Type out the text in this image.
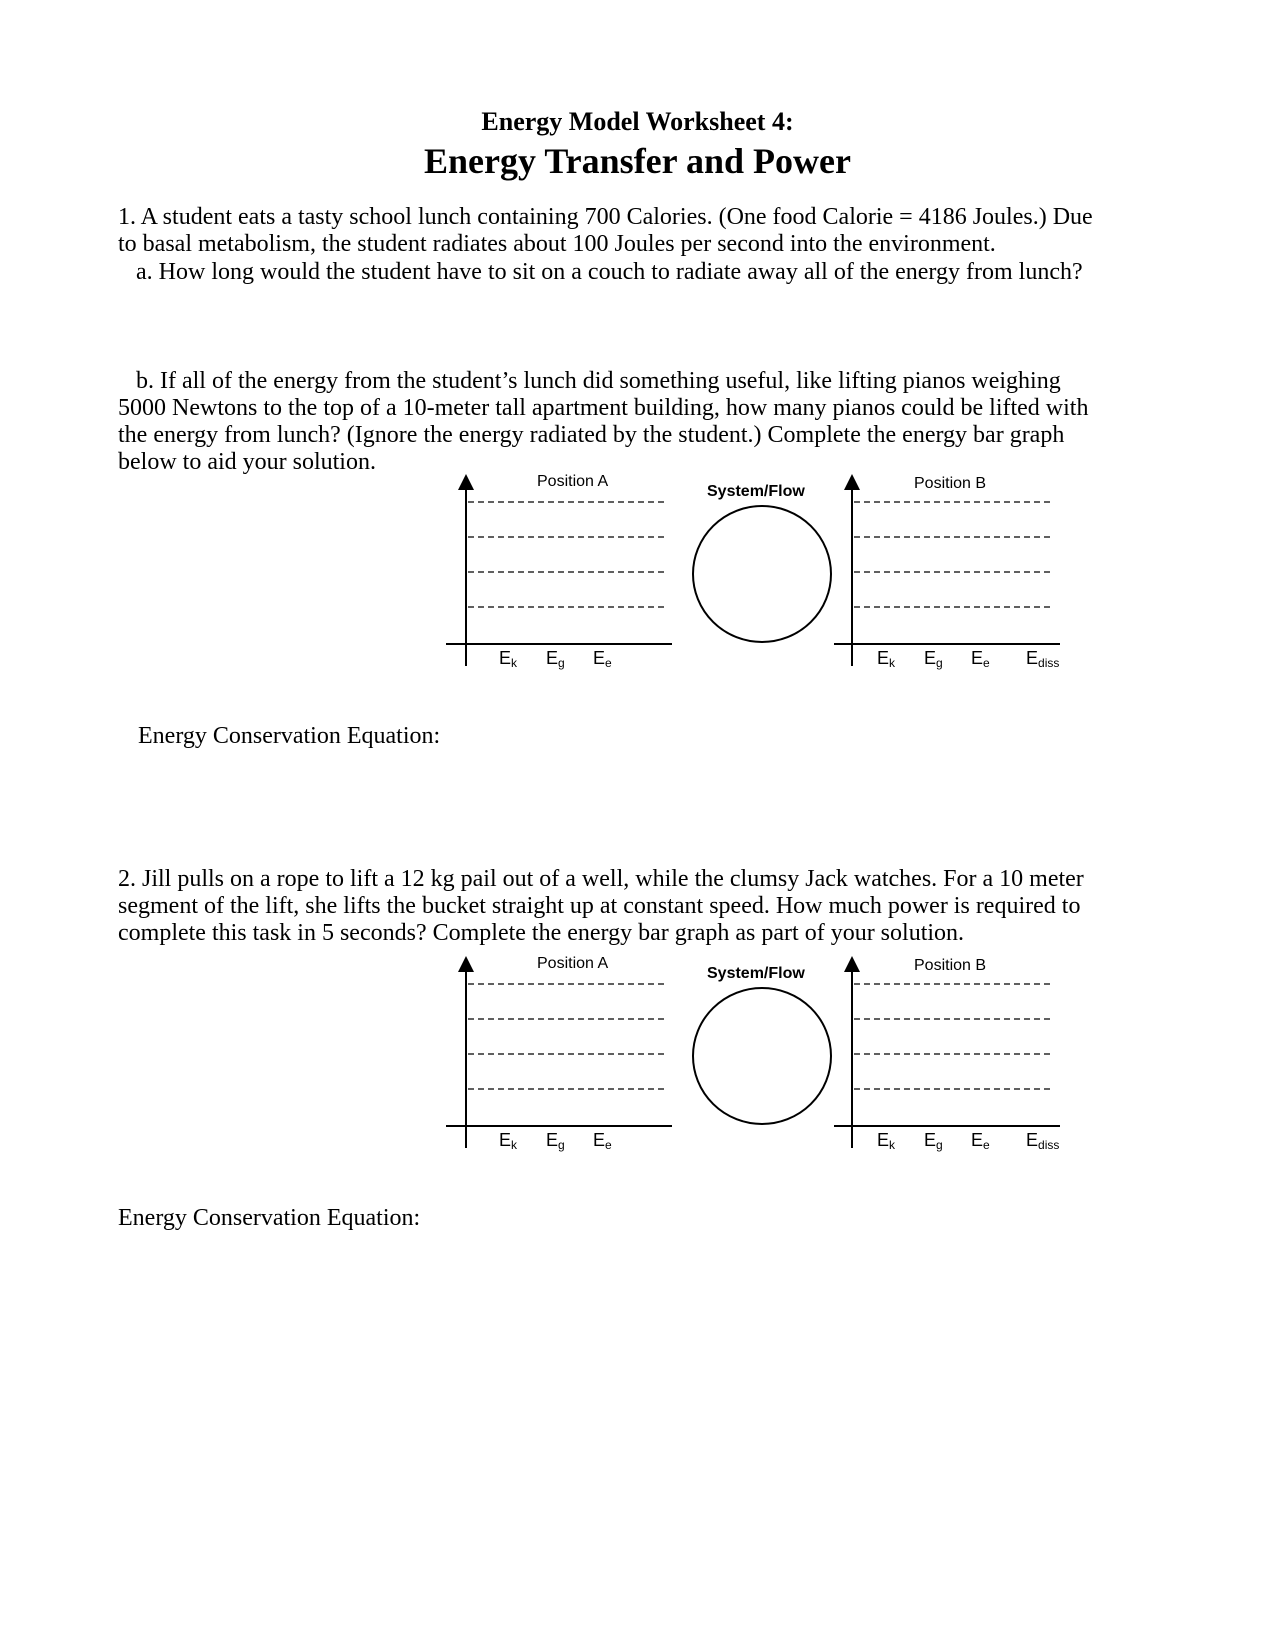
Energy Model Worksheet 4:
Energy Transfer and Power
1. A student eats a tasty school lunch containing 700 Calories. (One food Calorie = 4186 Joules.) Due
to basal metabolism, the student radiates about 100 Joules per second into the environment.
a. How long would the student have to sit on a couch to radiate away all of the energy from lunch?
b. If all of the energy from the student’s lunch did something useful, like lifting pianos weighing
5000 Newtons to the top of a 10-meter tall apartment building, how many pianos could be lifted with
the energy from lunch? (Ignore the energy radiated by the student.) Complete the energy bar graph
below to aid your solution.
Position A
System/Flow	Position B
$E_k$ $E_g$ $E_e$	$E_k$ $E_g$ $E_e$ $E_{diss}$
Energy Conservation Equation:
2. Jill pulls on a rope to lift a 12 kg pail out of a well, while the clumsy Jack watches. For a 10 meter
segment of the lift, she lifts the bucket straight up at constant speed. How much power is required to
complete this task in 5 seconds? Complete the energy bar graph as part of your solution.
Position A
System/Flow	Position B
$E_k$ $E_g$ $E_e$	$E_k$ $E_g$ $E_e$ $E_{diss}$
Energy Conservation Equation:
